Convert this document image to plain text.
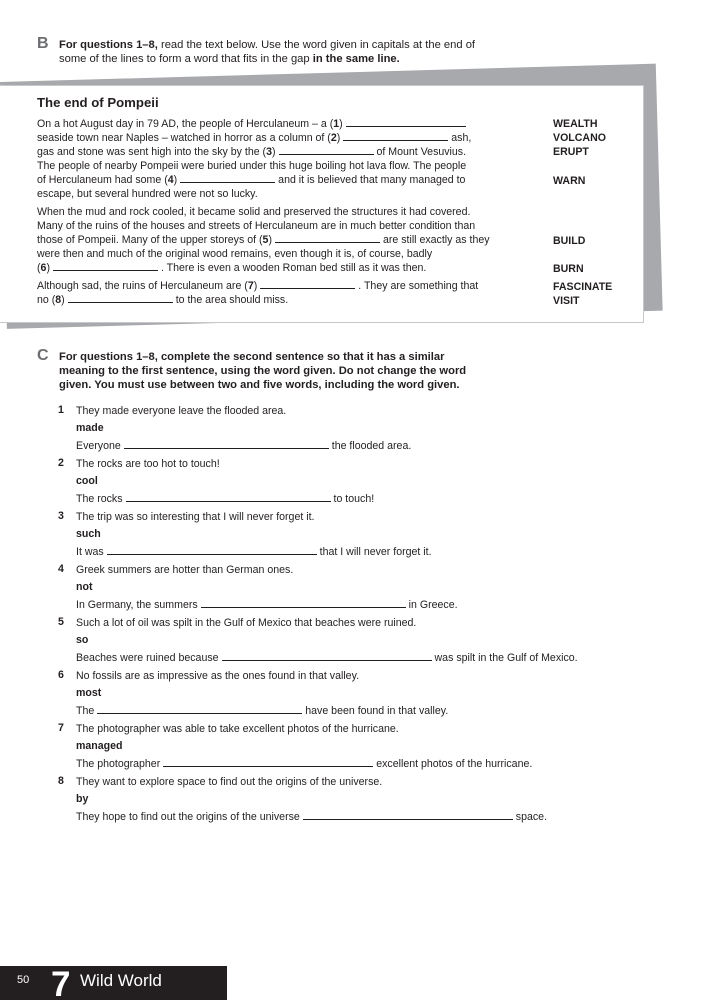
B For questions 1–8, read the text below. Use the word given in capitals at the end of
some of the lines to form a word that fits in the gap in the same line.
The end of Pompeii
On a hot August day in 79 AD, the people of Herculaneum – a (1)
seaside town near Naples – watched in horror as a column of (2)	ash,
gas and stone was sent high into the sky by the (3)	of Mount Vesuvius.
The people of nearby Pompeii were buried under this huge boiling hot lava flow. The people
of Herculaneum had some (4)	and it is believed that many managed to
escape, but several hundred were not so lucky.
When the mud and rock cooled, it became solid and preserved the structures it had covered.
Many of the ruins of the houses and streets of Herculaneum are in much better condition than
those of Pompeii. Many of the upper storeys of (5)	are still exactly as they
were then and much of the original wood remains, even though it is, of course, badly
(6)	. There is even a wooden Roman bed still as it was then.
Although sad, the ruins of Herculaneum are (7)	. They are something that
no (8)	to the area should miss.
WEALTH
VOLCANO
ERUPT
WARN
BUILD
BURN
FASCINATE
VISIT
C For questions 1–8, complete the second sentence so that it has a similar
meaning to the first sentence, using the word given. Do not change the word
given. You must use between two and five words, including the word given.
1 They made everyone leave the flooded area.
made
Everyone	the flooded area.
2 The rocks are too hot to touch!
cool
The rocks	to touch!
3 The trip was so interesting that I will never forget it.
such
It was	that I will never forget it.
4 Greek summers are hotter than German ones.
not
In Germany, the summers	in Greece.
5 Such a lot of oil was spilt in the Gulf of Mexico that beaches were ruined.
so
Beaches were ruined because	was spilt in the Gulf of Mexico.
6 No fossils are as impressive as the ones found in that valley.
most
The	have been found in that valley.
7 The photographer was able to take excellent photos of the hurricane.
managed
The photographer	excellent photos of the hurricane.
8 They want to explore space to find out the origins of the universe.
by
They hope to find out the origins of the universe	space.
50 7 Wild World
